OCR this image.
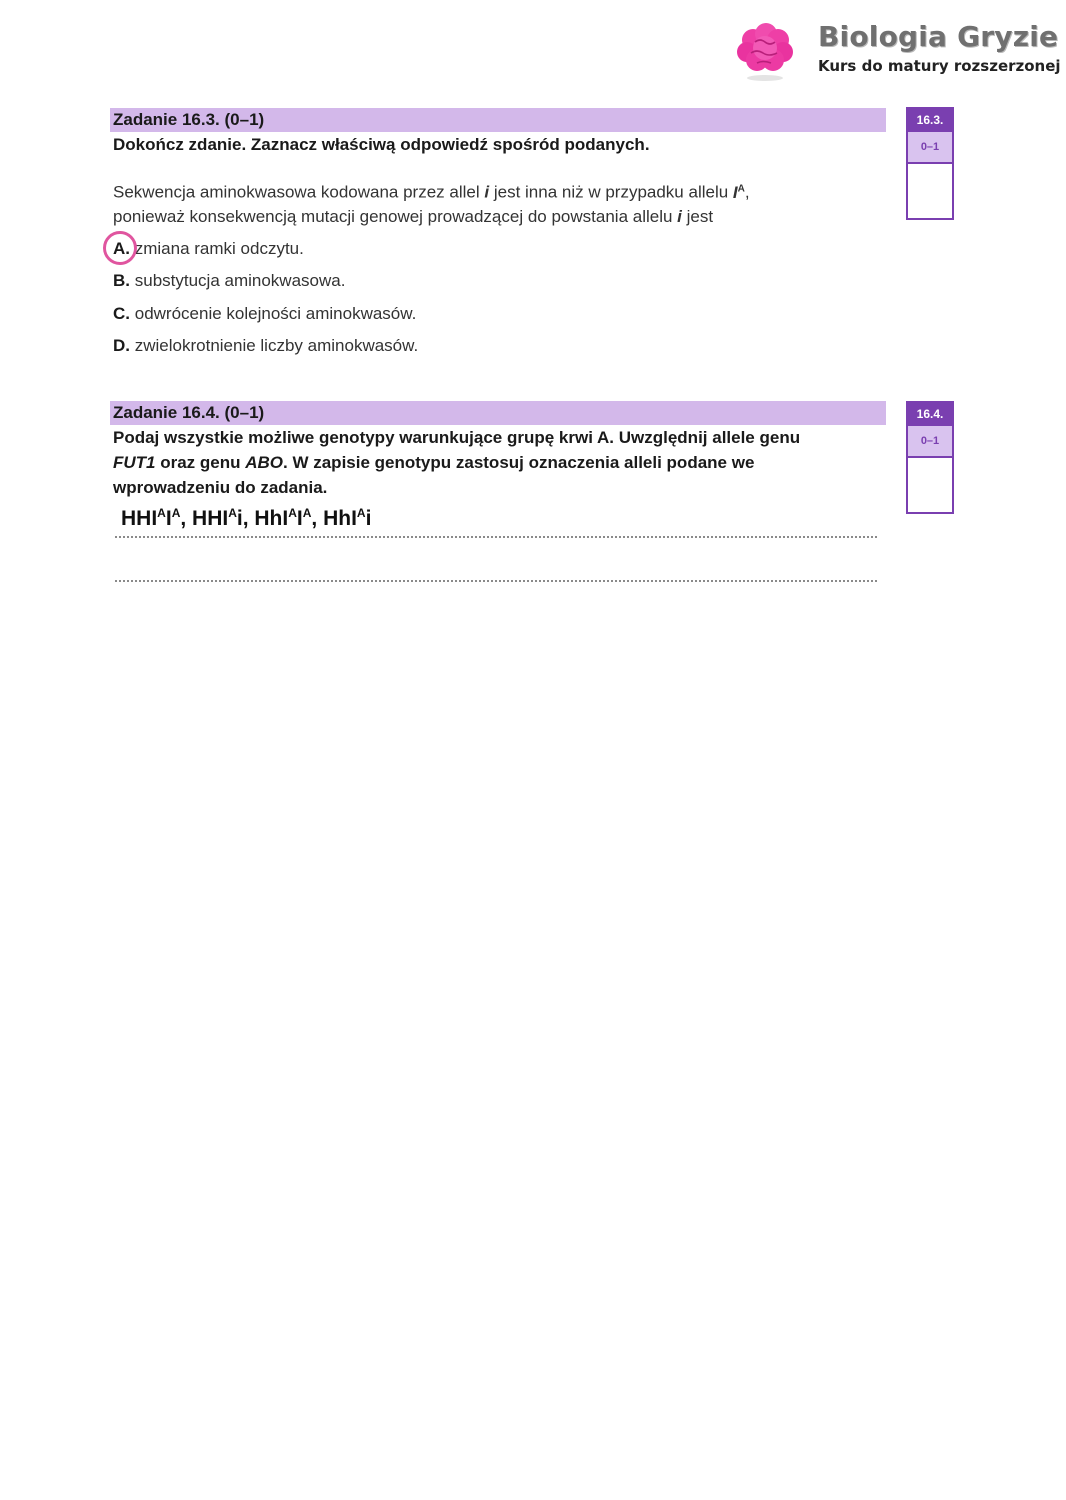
Biologia Gryzie
Kurs do matury rozszerzonej
Zadanie 16.3. (0–1)
Dokończ zdanie. Zaznacz właściwą odpowiedź spośród podanych.
Sekwencja aminokwasowa kodowana przez allel i jest inna niż w przypadku allelu $I^A$,
ponieważ konsekwencją mutacji genowej prowadzącej do powstania allelu i jest
A. zmiana ramki odczytu.
B. substytucja aminokwasowa.
C. odwrócenie kolejności aminokwasów.
D. zwielokrotnienie liczby aminokwasów.
16.3.
0–1
Zadanie 16.4. (0–1)
Podaj wszystkie możliwe genotypy warunkujące grupę krwi A. Uwzględnij allele genu
FUT1 oraz genu ABO. W zapisie genotypu zastosuj oznaczenia alleli podane we
wprowadzeniu do zadania.
$HHI^AI^A$, $HHI^Ai$, $HhI^AI^A$, HhI$^A$i
16.4.
0–1
